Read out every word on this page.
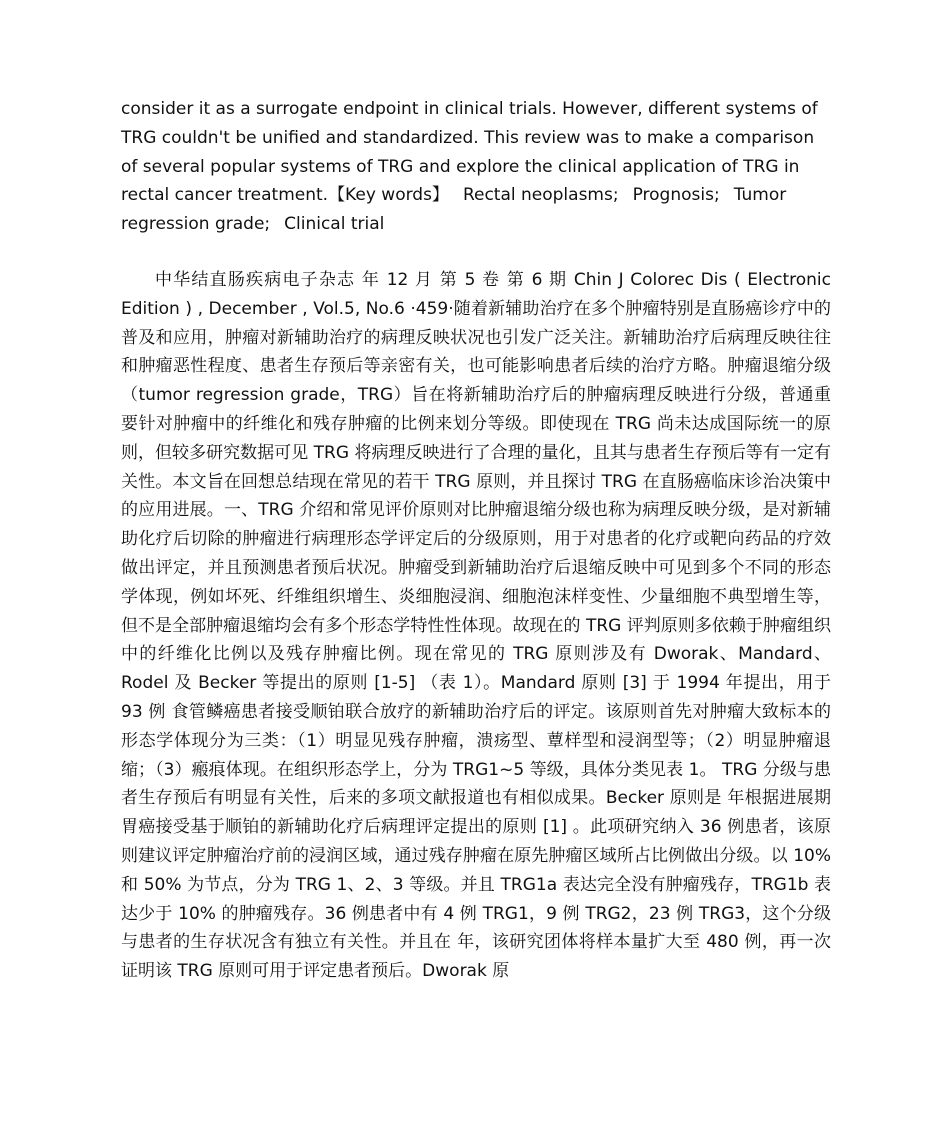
consider it as a surrogate endpoint in clinical trials. However, different systems of TRG couldn't be unified and standardized. This review was to make a comparison of several popular systems of TRG and explore the clinical application of TRG in rectal cancer treatment.【Key words】 Rectal neoplasms; Prognosis; Tumor regression grade; Clinical trial

中华结直肠疾病电子杂志 年 12 月 第 5 卷 第 6 期 Chin J Colorec Dis ( Electronic Edition ) , December , Vol.5, No.6 ·459·随着新辅助治疗在多个肿瘤特别是直肠癌诊疗中的普及和应用，肿瘤对新辅助治疗的病理反映状况也引发广泛关注。新辅助治疗后病理反映往往和肿瘤恶性程度、患者生存预后等亲密有关，也可能影响患者后续的治疗方略。肿瘤退缩分级（tumor regression grade，TRG）旨在将新辅助治疗后的肿瘤病理反映进行分级，普通重要针对肿瘤中的纤维化和残存肿瘤的比例来划分等级。即使现在 TRG 尚未达成国际统一的原则，但较多研究数据可见 TRG 将病理反映进行了合理的量化，且其与患者生存预后等有一定有关性。本文旨在回想总结现在常见的若干 TRG 原则，并且探讨 TRG 在直肠癌临床诊治决策中的应用进展。一、TRG 介绍和常见评价原则对比肿瘤退缩分级也称为病理反映分级，是对新辅助化疗后切除的肿瘤进行病理形态学评定后的分级原则，用于对患者的化疗或靶向药品的疗效做出评定，并且预测患者预后状况。肿瘤受到新辅助治疗后退缩反映中可见到多个不同的形态学体现，例如坏死、纤维组织增生、炎细胞浸润、细胞泡沫样变性、少量细胞不典型增生等，但不是全部肿瘤退缩均会有多个形态学特性性体现。故现在的 TRG 评判原则多依赖于肿瘤组织中的纤维化比例以及残存肿瘤比例。现在常见的 TRG 原则涉及有 Dworak、Mandard、Rodel 及 Becker 等提出的原则 [1-5] （表 1）。Mandard 原则 [3] 于 1994 年提出，用于 93 例 食管鳞癌患者接受顺铂联合放疗的新辅助治疗后的评定。该原则首先对肿瘤大致标本的形态学体现分为三类：（1）明显见残存肿瘤，溃疡型、蕈样型和浸润型等；（2）明显肿瘤退缩；（3）瘢痕体现。在组织形态学上，分为 TRG1~5 等级，具体分类见表 1。 TRG 分级与患者生存预后有明显有关性，后来的多项文献报道也有相似成果。Becker 原则是 年根据进展期胃癌接受基于顺铂的新辅助化疗后病理评定提出的原则 [1] 。此项研究纳入 36 例患者，该原则建议评定肿瘤治疗前的浸润区域，通过残存肿瘤在原先肿瘤区域所占比例做出分级。以 10% 和 50% 为节点，分为 TRG 1、2、3 等级。并且 TRG1a 表达完全没有肿瘤残存，TRG1b 表达少于 10% 的肿瘤残存。36 例患者中有 4 例 TRG1，9 例 TRG2，23 例 TRG3，这个分级与患者的生存状况含有独立有关性。并且在 年，该研究团体将样本量扩大至 480 例，再一次证明该 TRG 原则可用于评定患者预后。Dworak 原
